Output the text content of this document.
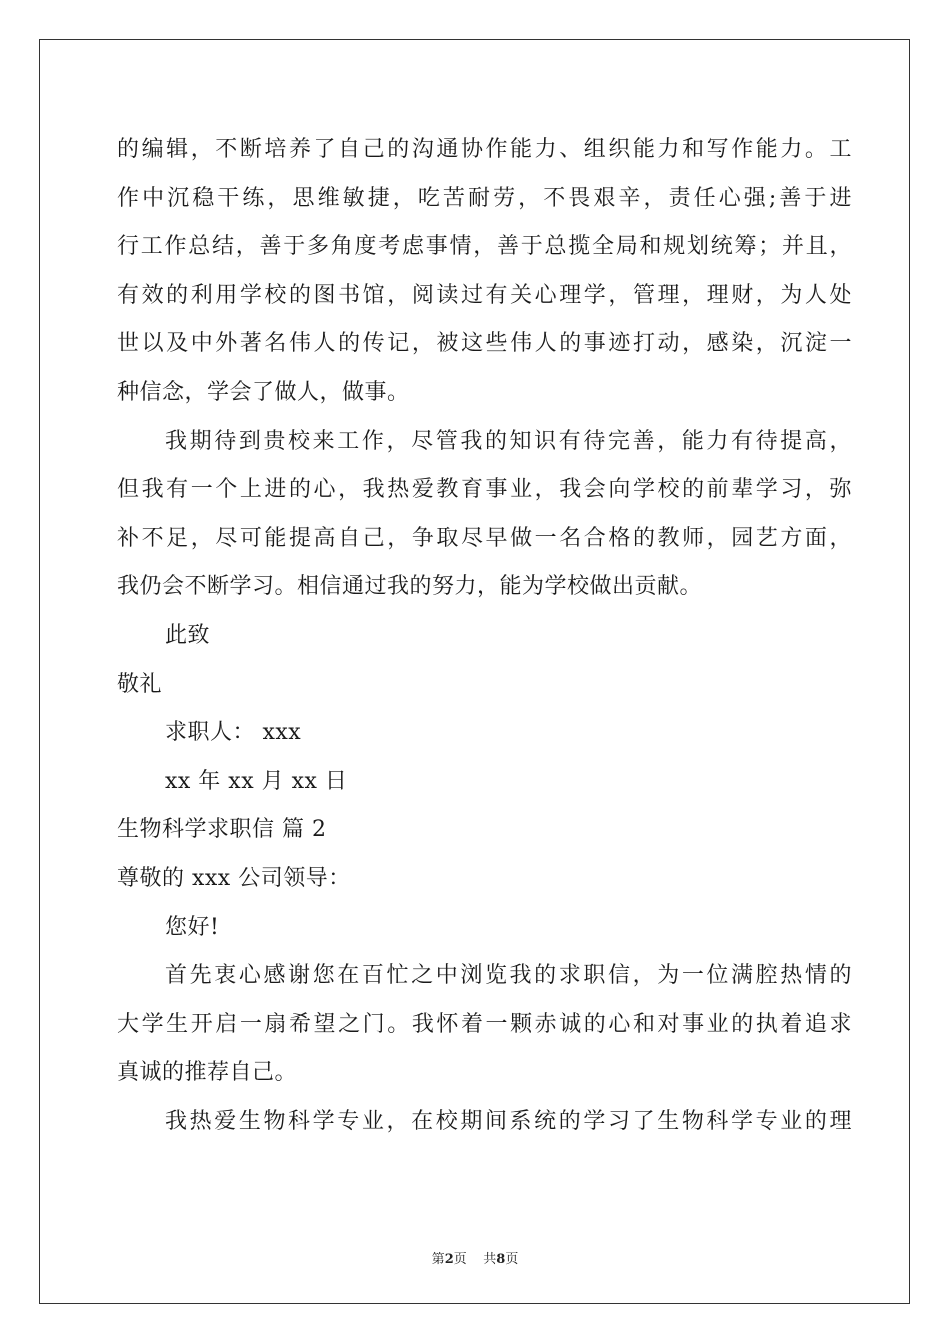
的编辑，不断培养了自己的沟通协作能力、组织能力和写作能力。工
作中沉稳干练，思维敏捷，吃苦耐劳，不畏艰辛，责任心强;善于进
行工作总结，善于多角度考虑事情，善于总揽全局和规划统筹；并且，
有效的利用学校的图书馆，阅读过有关心理学，管理，理财，为人处
世以及中外著名伟人的传记，被这些伟人的事迹打动，感染，沉淀一
种信念，学会了做人，做事。
我期待到贵校来工作，尽管我的知识有待完善，能力有待提高，
但我有一个上进的心，我热爱教育事业，我会向学校的前辈学习，弥
补不足，尽可能提高自己，争取尽早做一名合格的教师，园艺方面，
我仍会不断学习。相信通过我的努力，能为学校做出贡献。
此致
敬礼
求职人： xxx
xx 年 xx 月 xx 日
生物科学求职信 篇 2
尊敬的 xxx 公司领导：
您好!
首先衷心感谢您在百忙之中浏览我的求职信，为一位满腔热情的
大学生开启一扇希望之门。我怀着一颗赤诚的心和对事业的执着追求
真诚的推荐自己。
我热爱生物科学专业，在校期间系统的学习了生物科学专业的理
第2页    共8页
